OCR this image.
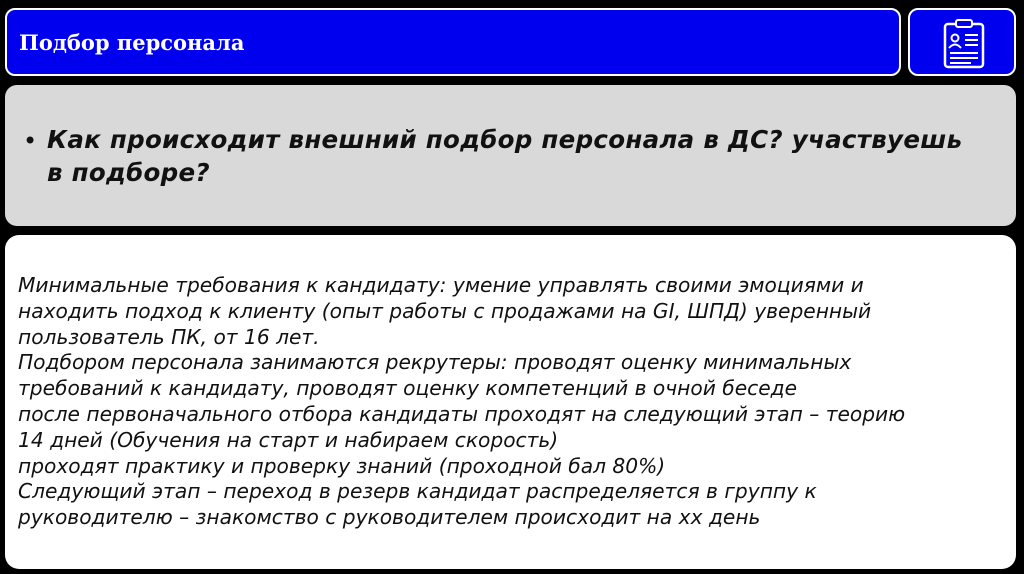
Подбор персонала
• Как происходит внешний подбор персонала в ДС? участвуешь в подборе?
Минимальные требования к кандидату: умение управлять своими эмоциями и
находить подход к клиенту (опыт работы с продажами на GI, ШПД) уверенный
пользователь ПК, от 16 лет.
Подбором персонала занимаются рекрутеры: проводят оценку минимальных
требований к кандидату, проводят оценку компетенций в очной беседе
после первоначального отбора кандидаты проходят на следующий этап – теорию
14 дней (Обучения на старт и набираем скорость)
проходят практику и проверку знаний (проходной бал 80%)
Следующий этап – переход в резерв кандидат распределяется в группу к
руководителю – знакомство с руководителем происходит на хх день
